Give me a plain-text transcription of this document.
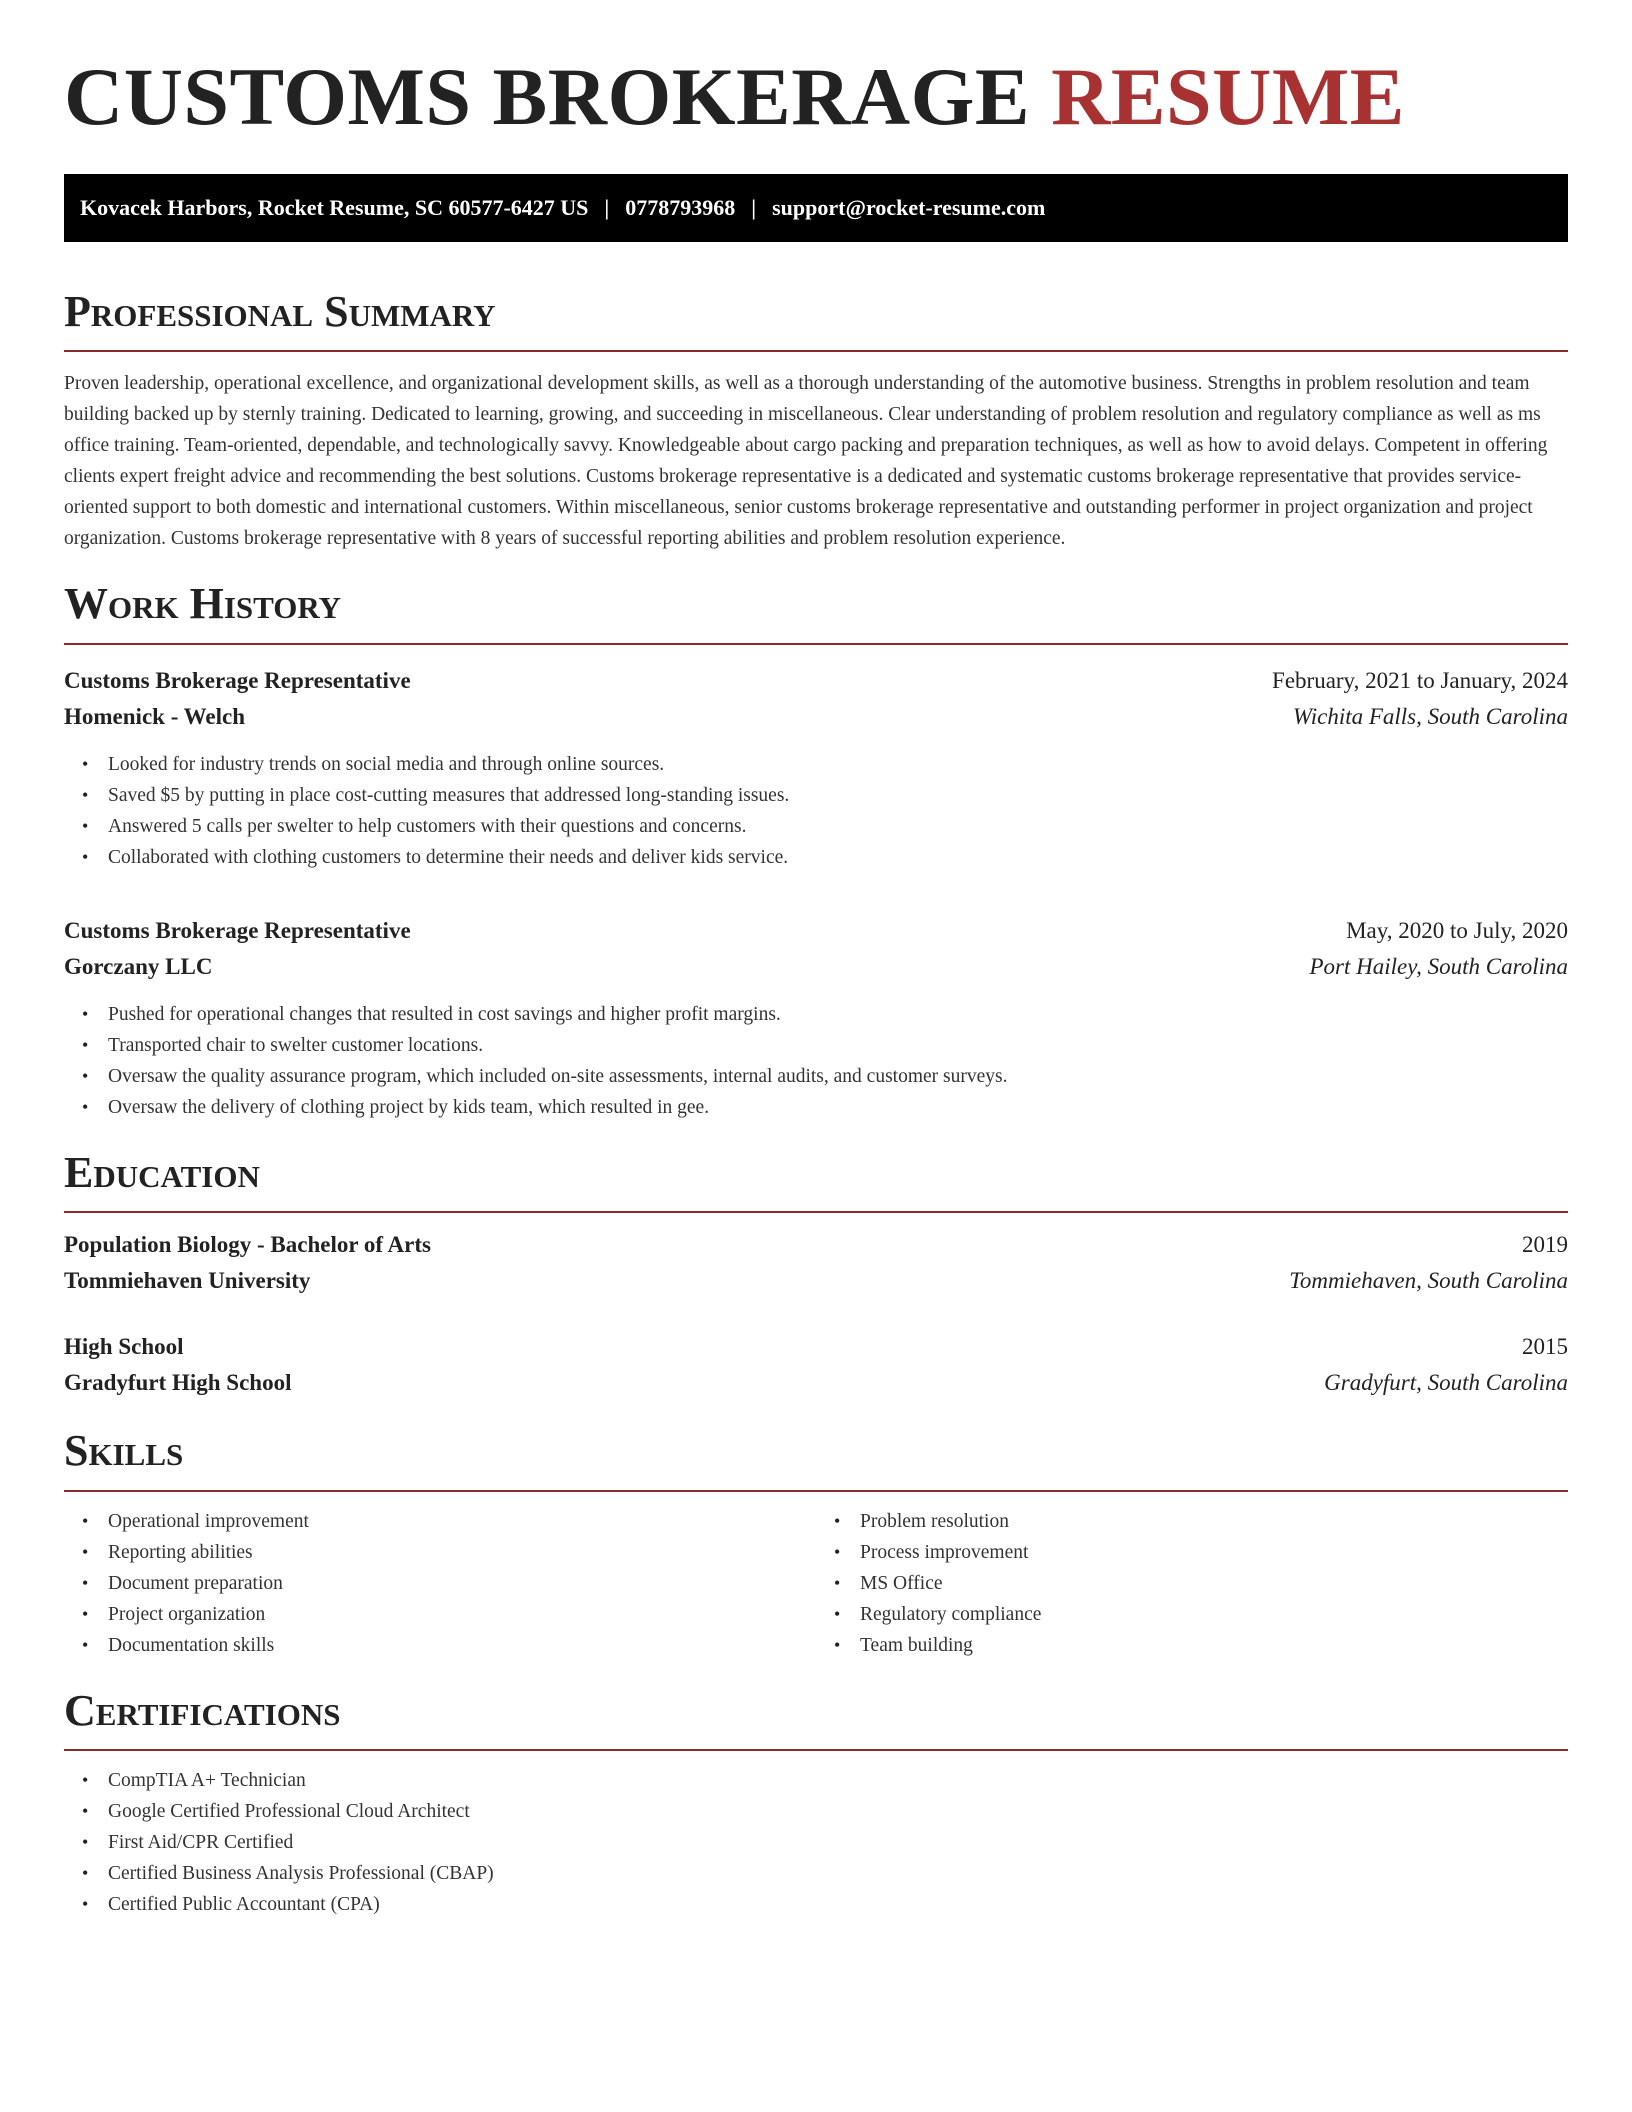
CUSTOMS BROKERAGE RESUME
Kovacek Harbors, Rocket Resume, SC 60577-6427 US | 0778793968 | support@rocket-resume.com
Professional Summary

Proven leadership, operational excellence, and organizational development skills, as well as a thorough understanding of the automotive business. Strengths in problem resolution and team building backed up by sternly training. Dedicated to learning, growing, and succeeding in miscellaneous. Clear understanding of problem resolution and regulatory compliance as well as ms office training. Team-oriented, dependable, and technologically savvy. Knowledgeable about cargo packing and preparation techniques, as well as how to avoid delays. Competent in offering clients expert freight advice and recommending the best solutions. Customs brokerage representative is a dedicated and systematic customs brokerage representative that provides service-oriented support to both domestic and international customers. Within miscellaneous, senior customs brokerage representative and outstanding performer in project organization and project organization. Customs brokerage representative with 8 years of successful reporting abilities and problem resolution experience.

Work History
Customs Brokerage Representative	February, 2021 to January, 2024
Homenick - Welch	Wichita Falls, South Carolina
• Looked for industry trends on social media and through online sources.
• Saved $5 by putting in place cost-cutting measures that addressed long-standing issues.
• Answered 5 calls per swelter to help customers with their questions and concerns.
• Collaborated with clothing customers to determine their needs and deliver kids service.
Customs Brokerage Representative	May, 2020 to July, 2020
Gorczany LLC	Port Hailey, South Carolina
• Pushed for operational changes that resulted in cost savings and higher profit margins.
• Transported chair to swelter customer locations.
• Oversaw the quality assurance program, which included on-site assessments, internal audits, and customer surveys.
• Oversaw the delivery of clothing project by kids team, which resulted in gee.
Education
Population Biology - Bachelor of Arts	2019
Tommiehaven University	Tommiehaven, South Carolina
High School	2015
Gradyfurt High School	Gradyfurt, South Carolina
Skills
• Operational improvement
• Reporting abilities
• Document preparation
• Project organization
• Documentation skills
• Problem resolution
• Process improvement
• MS Office
• Regulatory compliance
• Team building
Certifications
• CompTIA A+ Technician
• Google Certified Professional Cloud Architect
• First Aid/CPR Certified
• Certified Business Analysis Professional (CBAP)
• Certified Public Accountant (CPA)
